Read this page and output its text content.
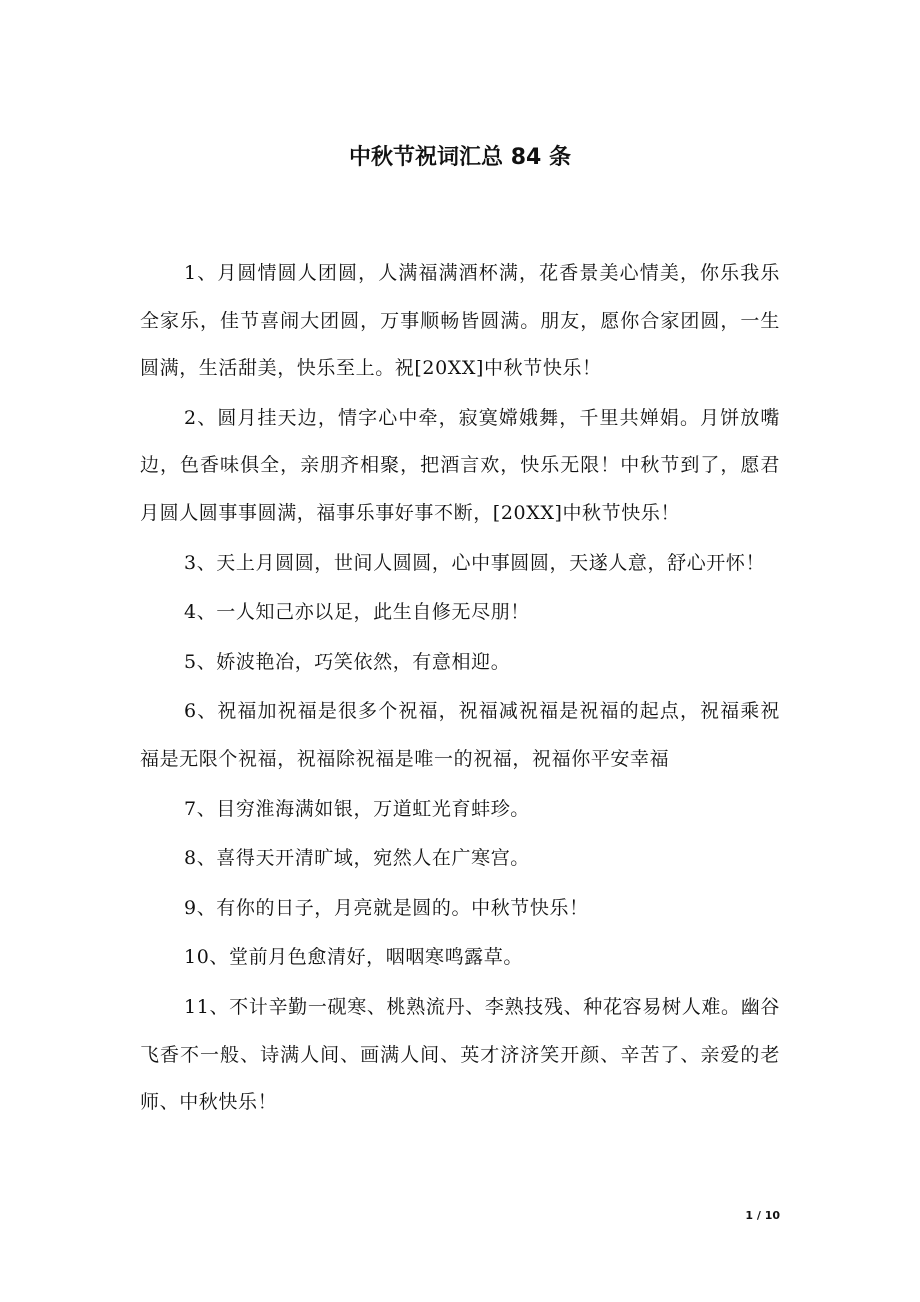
中秋节祝词汇总 84 条

1、月圆情圆人团圆，人满福满酒杯满，花香景美心情美，你乐我乐全家乐，佳节喜闹大团圆，万事顺畅皆圆满。朋友，愿你合家团圆，一生圆满，生活甜美，快乐至上。祝[20XX]中秋节快乐！

2、圆月挂天边，情字心中牵，寂寞嫦娥舞，千里共婵娟。月饼放嘴边，色香味俱全，亲朋齐相聚，把酒言欢，快乐无限！中秋节到了，愿君月圆人圆事事圆满，福事乐事好事不断，[20XX]中秋节快乐！

3、天上月圆圆，世间人圆圆，心中事圆圆，天遂人意，舒心开怀！

4、一人知己亦以足，此生自修无尽朋！

5、娇波艳冶，巧笑依然，有意相迎。

6、祝福加祝福是很多个祝福，祝福减祝福是祝福的起点，祝福乘祝福是无限个祝福，祝福除祝福是唯一的祝福，祝福你平安幸福

7、目穷淮海满如银，万道虹光育蚌珍。

8、喜得天开清旷域，宛然人在广寒宫。

9、有你的日子，月亮就是圆的。中秋节快乐！

10、堂前月色愈清好，咽咽寒鸣露草。

11、不计辛勤一砚寒、桃熟流丹、李熟技残、种花容易树人难。幽谷飞香不一般、诗满人间、画满人间、英才济济笑开颜、辛苦了、亲爱的老师、中秋快乐！

1 / 10
